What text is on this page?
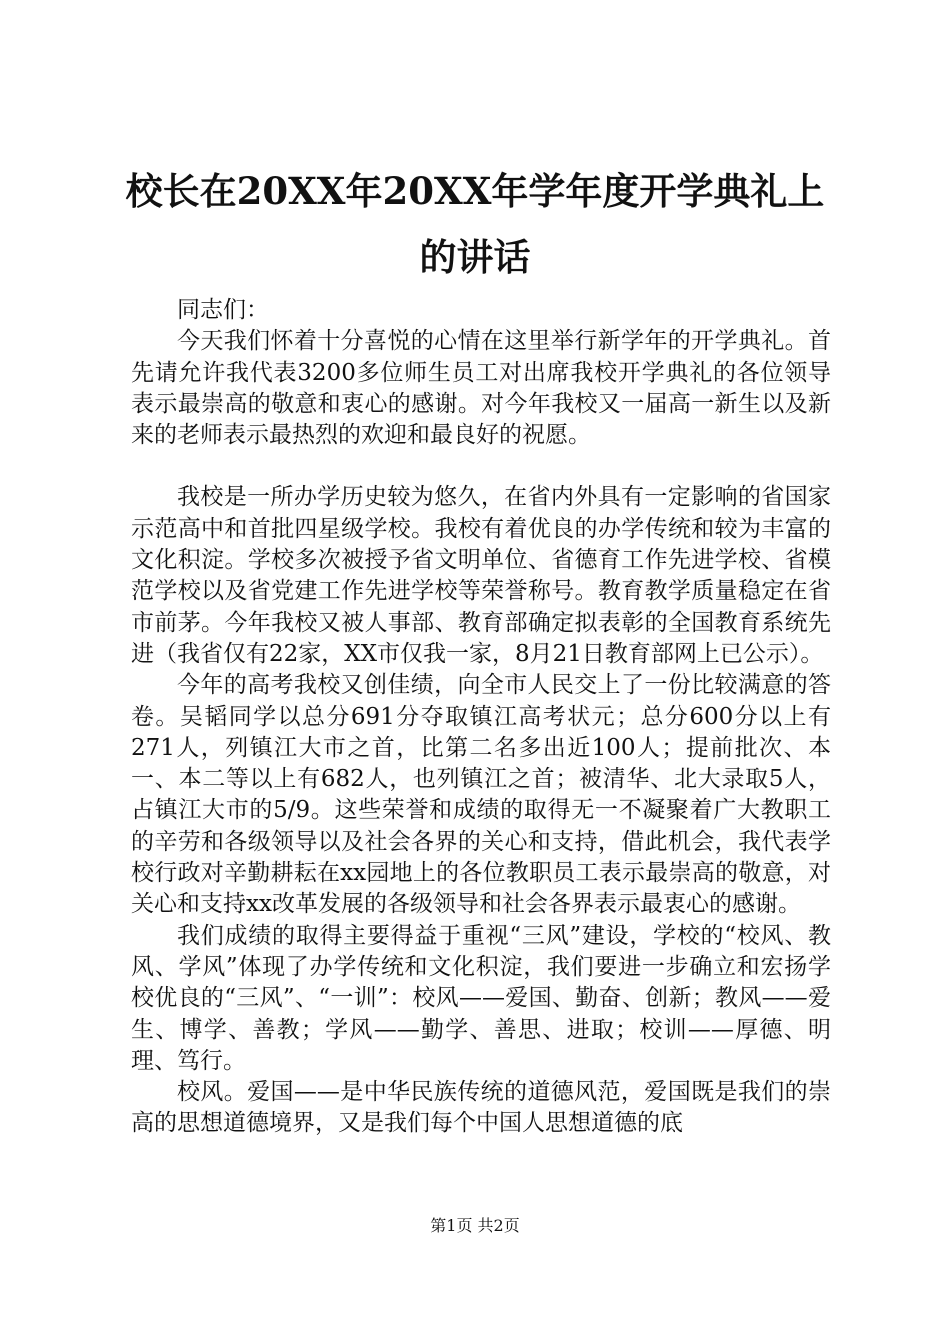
校长在20XX年20XX年学年度开学典礼上的讲话

同志们：

今天我们怀着十分喜悦的心情在这里举行新学年的开学典礼。首先请允许我代表3200多位师生员工对出席我校开学典礼的各位领导表示最崇高的敬意和衷心的感谢。对今年我校又一届高一新生以及新来的老师表示最热烈的欢迎和最良好的祝愿。

我校是一所办学历史较为悠久，在省内外具有一定影响的省国家示范高中和首批四星级学校。我校有着优良的办学传统和较为丰富的文化积淀。学校多次被授予省文明单位、省德育工作先进学校、省模范学校以及省党建工作先进学校等荣誉称号。教育教学质量稳定在省市前茅。今年我校又被人事部、教育部确定拟表彰的全国教育系统先进（我省仅有22家，XX市仅我一家，8月21日教育部网上已公示）。

今年的高考我校又创佳绩，向全市人民交上了一份比较满意的答卷。吴韬同学以总分691分夺取镇江高考状元；总分600分以上有271人，列镇江大市之首，比第二名多出近100人；提前批次、本一、本二等以上有682人，也列镇江之首；被清华、北大录取5人，占镇江大市的5/9。这些荣誉和成绩的取得无一不凝聚着广大教职工的辛劳和各级领导以及社会各界的关心和支持，借此机会，我代表学校行政对辛勤耕耘在xx园地上的各位教职员工表示最崇高的敬意，对关心和支持xx改革发展的各级领导和社会各界表示最衷心的感谢。

我们成绩的取得主要得益于重视“三风”建设，学校的“校风、教风、学风”体现了办学传统和文化积淀，我们要进一步确立和宏扬学校优良的“三风”、“一训”：校风——爱国、勤奋、创新；教风——爱生、博学、善教；学风——勤学、善思、进取；校训——厚德、明理、笃行。

校风。爱国——是中华民族传统的道德风范，爱国既是我们的崇高的思想道德境界，又是我们每个中国人思想道德的底

第1页 共2页
